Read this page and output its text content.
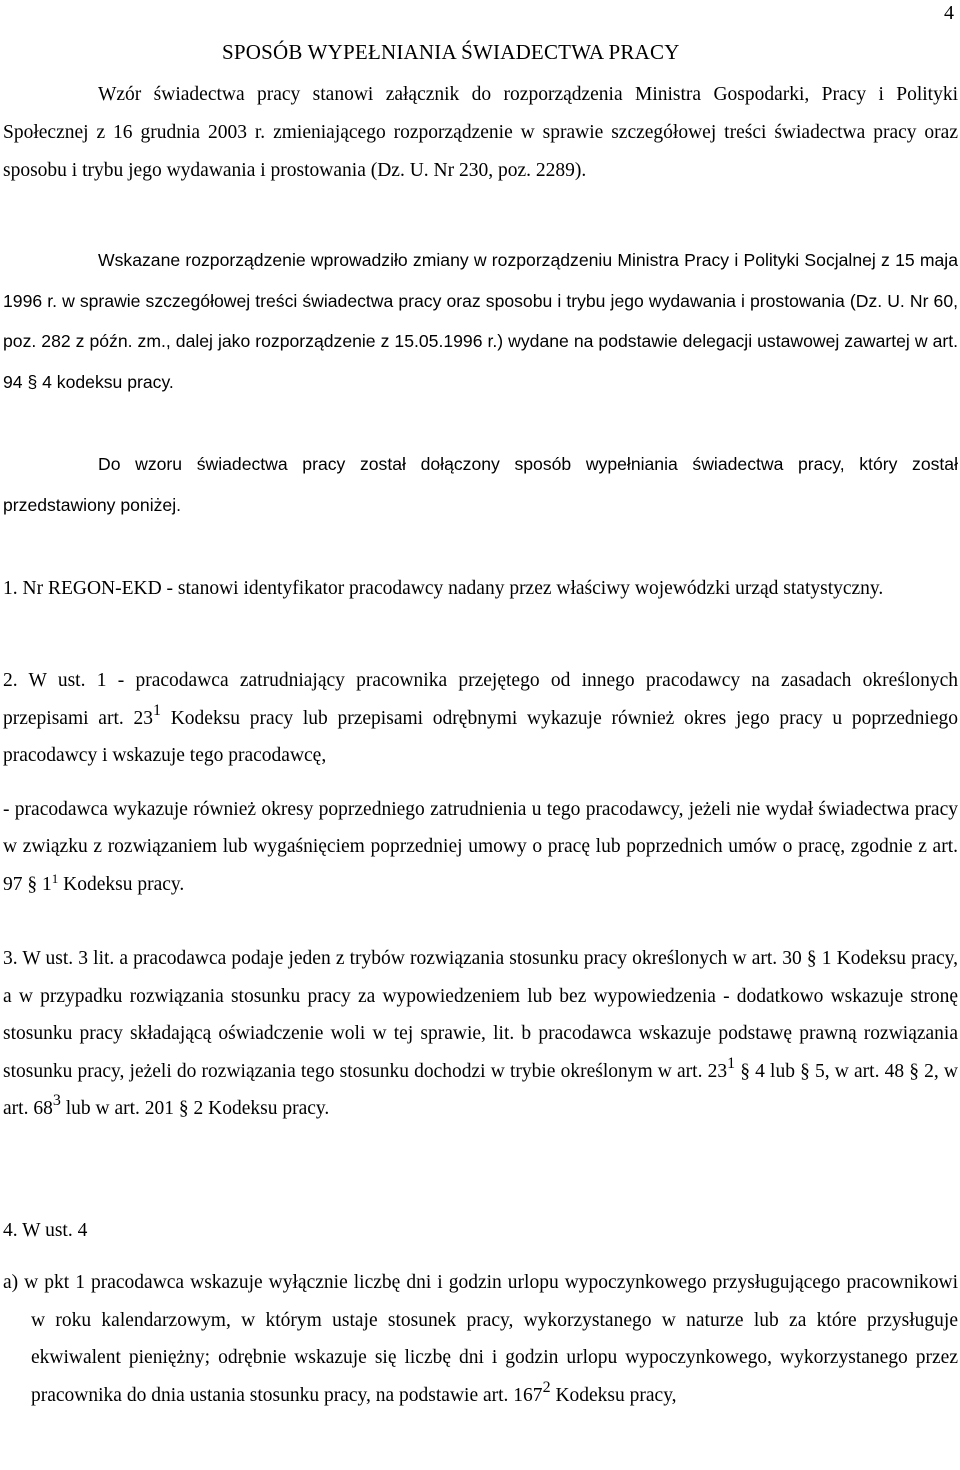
4
SPOSÓB WYPEŁNIANIA ŚWIADECTWA PRACY

Wzór świadectwa pracy stanowi załącznik do rozporządzenia Ministra Gospodarki, Pracy i Polityki Społecznej z 16 grudnia 2003 r. zmieniającego rozporządzenie w sprawie szczegółowej treści świadectwa pracy oraz sposobu i trybu jego wydawania i prostowania (Dz. U. Nr 230, poz. 2289).

Wskazane rozporządzenie wprowadziło zmiany w rozporządzeniu Ministra Pracy i Polityki Socjalnej z 15 maja 1996 r. w sprawie szczegółowej treści świadectwa pracy oraz sposobu i trybu jego wydawania i prostowania (Dz. U. Nr 60, poz. 282 z późn. zm., dalej jako rozporządzenie z 15.05.1996 r.) wydane na podstawie delegacji ustawowej zawartej w art. 94 § 4 kodeksu pracy.

Do wzoru świadectwa pracy został dołączony sposób wypełniania świadectwa pracy, który został przedstawiony poniżej.

1. Nr REGON-EKD - stanowi identyfikator pracodawcy nadany przez właściwy wojewódzki urząd statystyczny.

2. W ust. 1 - pracodawca zatrudniający pracownika przejętego od innego pracodawcy na zasadach określonych przepisami art. $23^1$ Kodeksu pracy lub przepisami odrębnymi wykazuje również okres jego pracy u poprzedniego pracodawcy i wskazuje tego pracodawcę,

- pracodawca wykazuje również okresy poprzedniego zatrudnienia u tego pracodawcy, jeżeli nie wydał świadectwa pracy w związku z rozwiązaniem lub wygaśnięciem poprzedniej umowy o pracę lub poprzednich umów o pracę, zgodnie z art. 97 § $1^1$ Kodeksu pracy.

3. W ust. 3 lit. a pracodawca podaje jeden z trybów rozwiązania stosunku pracy określonych w art. 30 § 1 Kodeksu pracy, a w przypadku rozwiązania stosunku pracy za wypowiedzeniem lub bez wypowiedzenia - dodatkowo wskazuje stronę stosunku pracy składającą oświadczenie woli w tej sprawie, lit. b pracodawca wskazuje podstawę prawną rozwiązania stosunku pracy, jeżeli do rozwiązania tego stosunku dochodzi w trybie określonym w art. $23^1$ § 4 lub § 5, w art. 48 § 2, w art. $68^3$ lub w art. 201 § 2 Kodeksu pracy.

4. W ust. 4

a) w pkt 1 pracodawca wskazuje wyłącznie liczbę dni i godzin urlopu wypoczynkowego przysługującego pracownikowi w roku kalendarzowym, w którym ustaje stosunek pracy, wykorzystanego w naturze lub za które przysługuje ekwiwalent pieniężny; odrębnie wskazuje się liczbę dni i godzin urlopu wypoczynkowego, wykorzystanego przez pracownika do dnia ustania stosunku pracy, na podstawie art. $167^2$ Kodeksu pracy,
